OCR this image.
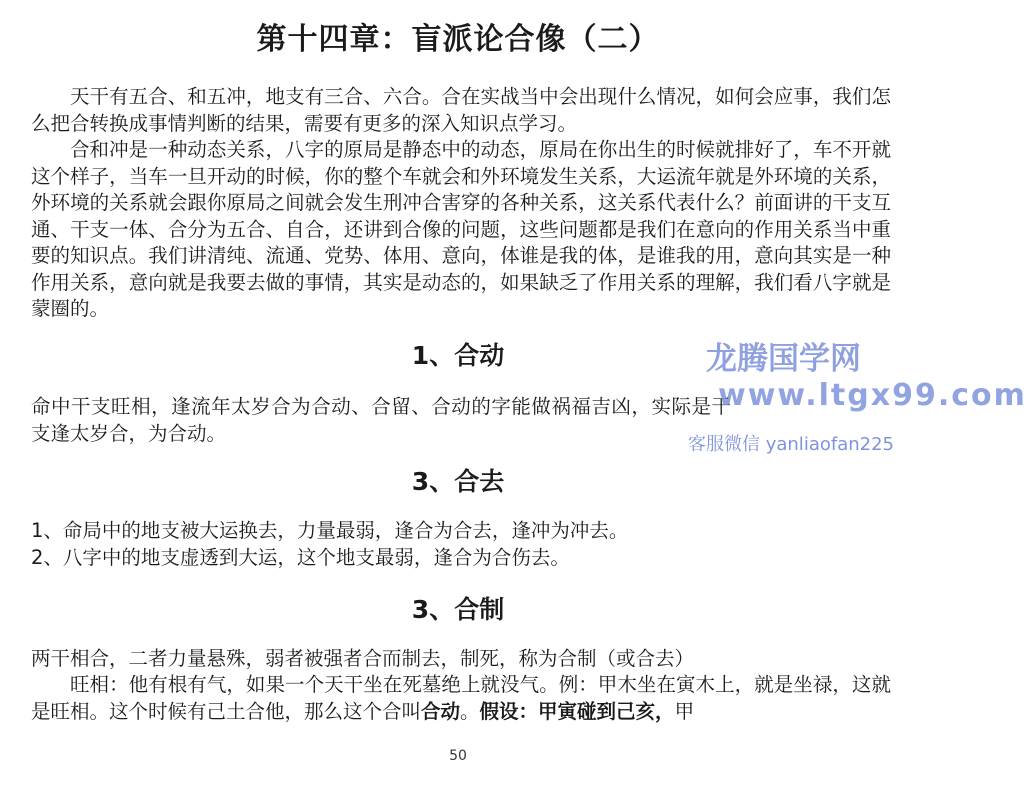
第十四章：盲派论合像（二）

天干有五合、和五冲，地支有三合、六合。合在实战当中会出现什么情况，如何会应事，我们怎么把合转换成事情判断的结果，需要有更多的深入知识点学习。

合和冲是一种动态关系，八字的原局是静态中的动态，原局在你出生的时候就排好了，车不开就这个样子，当车一旦开动的时候，你的整个车就会和外环境发生关系，大运流年就是外环境的关系，外环境的关系就会跟你原局之间就会发生刑冲合害穿的各种关系，这关系代表什么？前面讲的干支互通、干支一体、合分为五合、自合，还讲到合像的问题，这些问题都是我们在意向的作用关系当中重要的知识点。我们讲清纯、流通、党势、体用、意向，体谁是我的体，是谁我的用，意向其实是一种作用关系，意向就是我要去做的事情，其实是动态的，如果缺乏了作用关系的理解，我们看八字就是蒙圈的。

1、合动

命中干支旺相，逢流年太岁合为合动、合留、合动的字能做祸福吉凶，实际是干支逢太岁合，为合动。

3、合去
1、命局中的地支被大运换去，力量最弱，逢合为合去，逢冲为冲去。
2、八字中的地支虚透到大运，这个地支最弱，逢合为合伤去。
3、合制
两干相合，二者力量悬殊，弱者被强者合而制去，制死，称为合制（或合去）

旺相：他有根有气，如果一个天干坐在死墓绝上就没气。例：甲木坐在寅木上，就是坐禄，这就是旺相。这个时候有己土合他，那么这个合叫合动。假设：甲寅碰到己亥，甲

龙腾国学网
www.ltgx99.com
客服微信 yanliaofan225
50
